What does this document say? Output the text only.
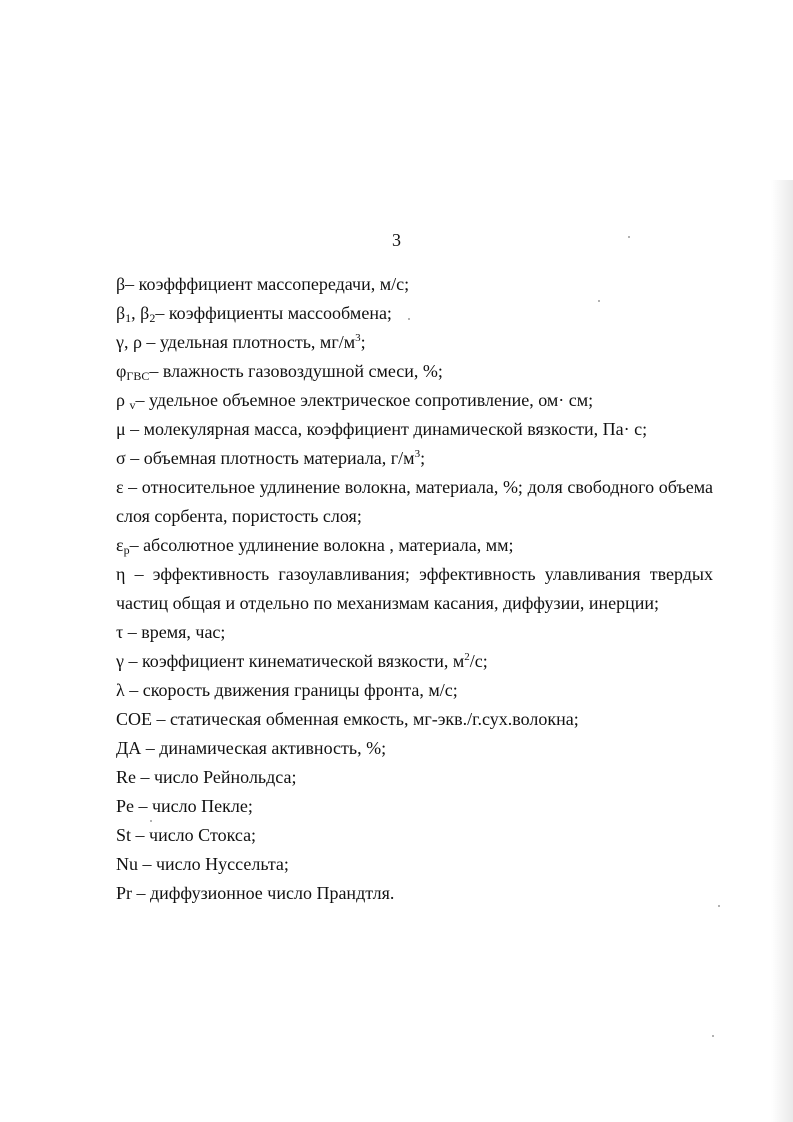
3

β– коэфффициент массопередачи, м/с;

$\beta_1$, $\beta_2-$ коэффициенты массообмена;

γ, ρ – удельная плотность, $мг/м^3$;

$\varphi_{ГВС}-$ влажность газовоздушной смеси, %;

ρ $_v$– удельное объемное электрическое сопротивление, ом· см;

μ – молекулярная масса, коэффициент динамической вязкости, Па· с;

σ – объемная плотность материала, $г/м^3$;

ε – относительное удлинение волокна, материала, %; доля свободного объема слоя сорбента, пористость слоя;

$\varepsilon_р-$ абсолютное удлинение волокна , материала, мм;

η – эффективность газоулавливания; эффективность улавливания твердых частиц общая и отдельно по механизмам касания, диффузии, инерции;

τ – время, час;

γ – коэффициент кинематической вязкости, $м^2/с$;

λ – скорость движения границы фронта, м/с;

СОЕ – статическая обменная емкость, мг-экв./г.сух.волокна;

ДА – динамическая активность, %;

Re – число Рейнольдса;

Pe – число Пекле;

St – число Стокса;

Nu – число Нуссельта;

Pr – диффузионное число Прандтля.
